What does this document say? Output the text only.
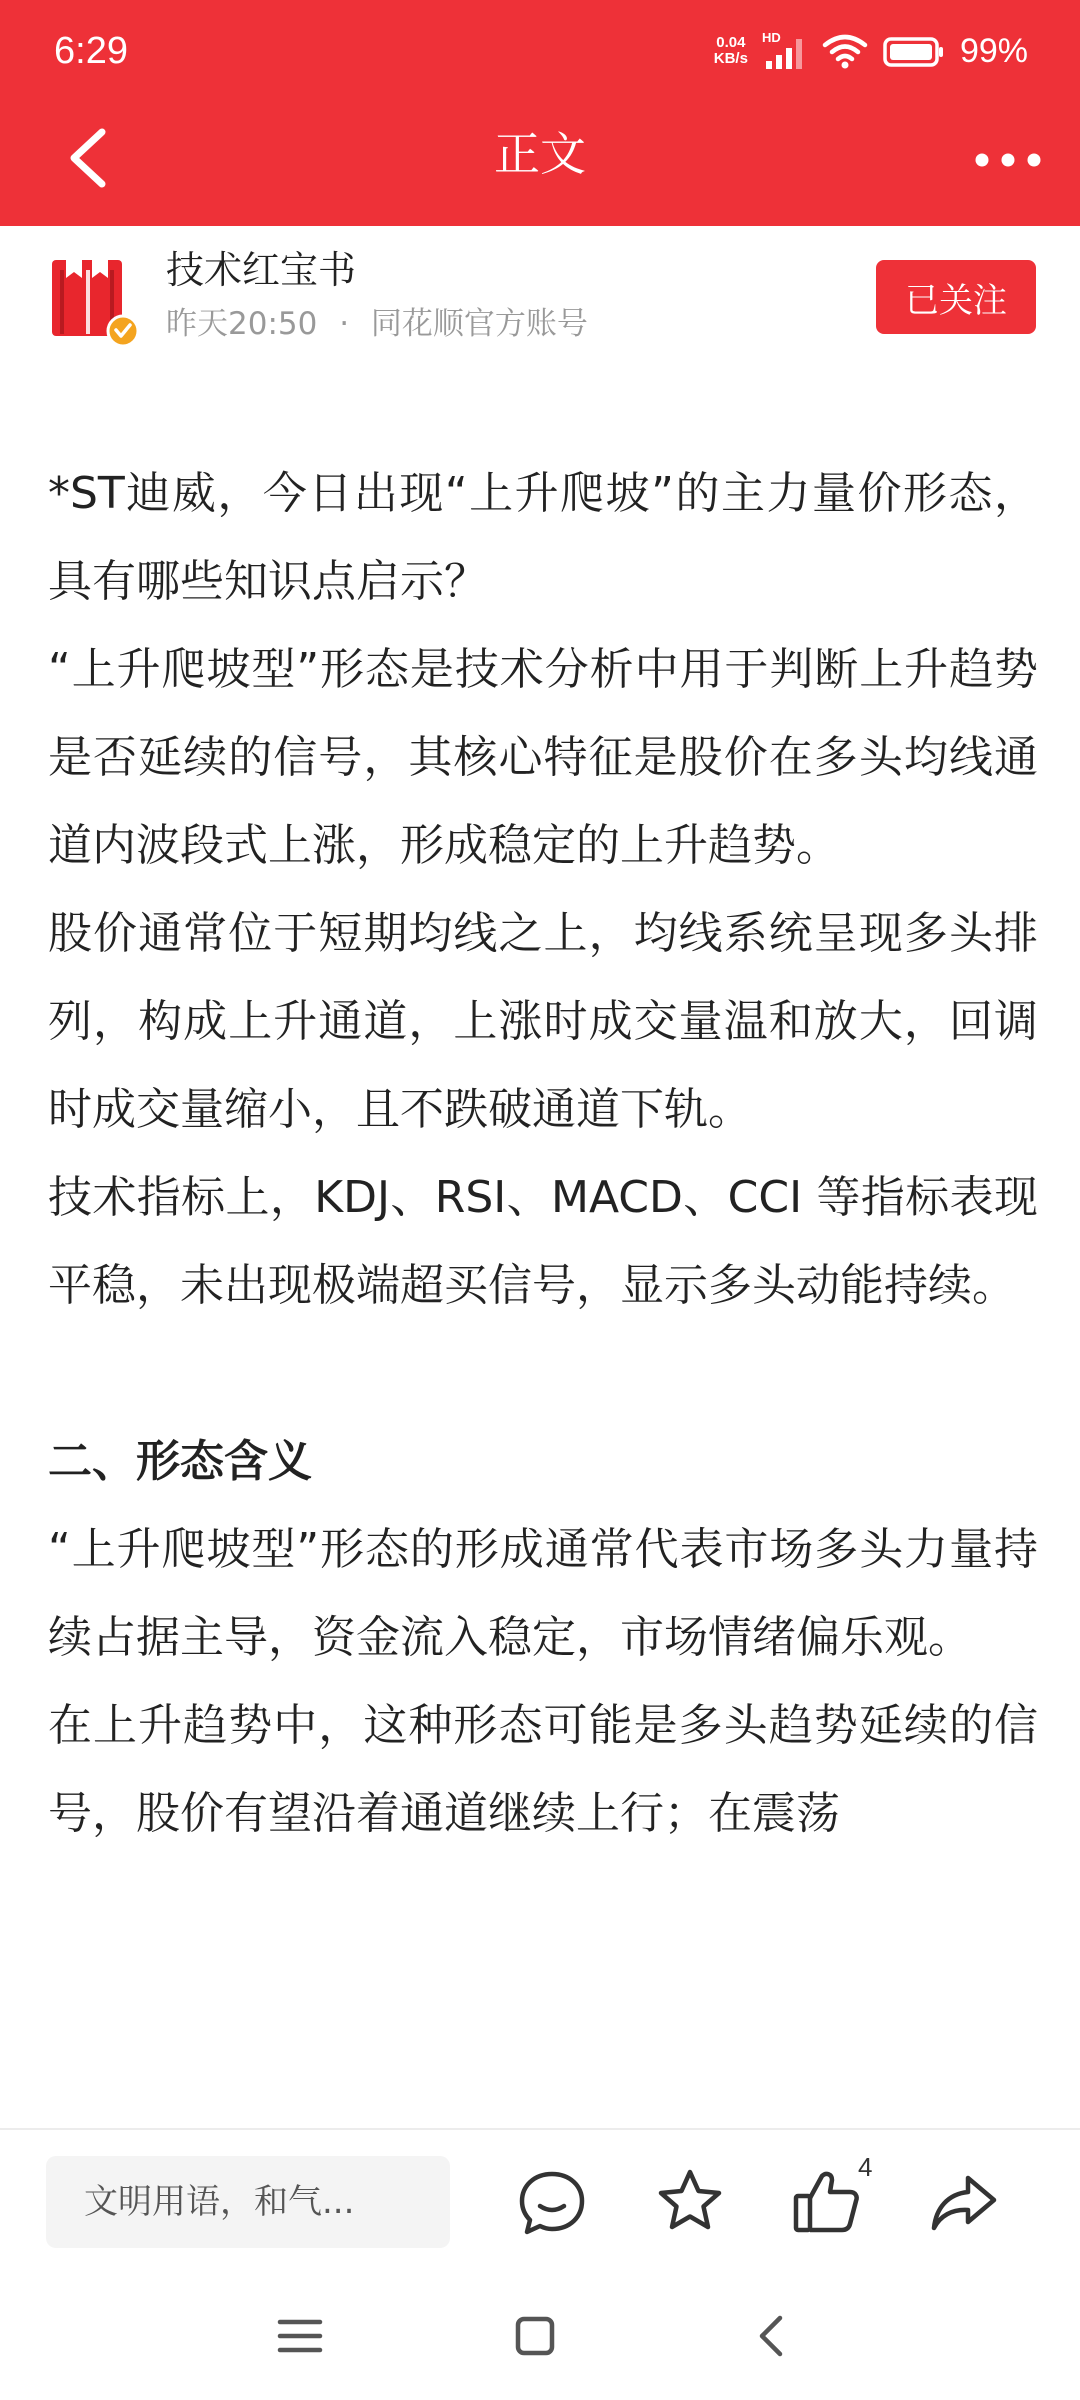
6:29	0.04
KB/s
HD	99%
正文
技术红宝书
昨天20:50 · 同花顺官方账号
已关注

*ST迪威，今日出现“上升爬坡”的主力量价形态，具有哪些知识点启示？

“上升爬坡型”形态是技术分析中用于判断上升趋势是否延续的信号，其核心特征是股价在多头均线通道内波段式上涨，形成稳定的上升趋势。

股价通常位于短期均线之上，均线系统呈现多头排列，构成上升通道，上涨时成交量温和放大，回调时成交量缩小，且不跌破通道下轨。

技术指标上，KDJ、RSI、MACD、CCI 等指标表现平稳，未出现极端超买信号，显示多头动能持续。

二、形态含义

“上升爬坡型”形态的形成通常代表市场多头力量持续占据主导，资金流入稳定，市场情绪偏乐观。

在上升趋势中，这种形态可能是多头趋势延续的信号，股价有望沿着通道继续上行；在震荡

文明用语，和气...
4
